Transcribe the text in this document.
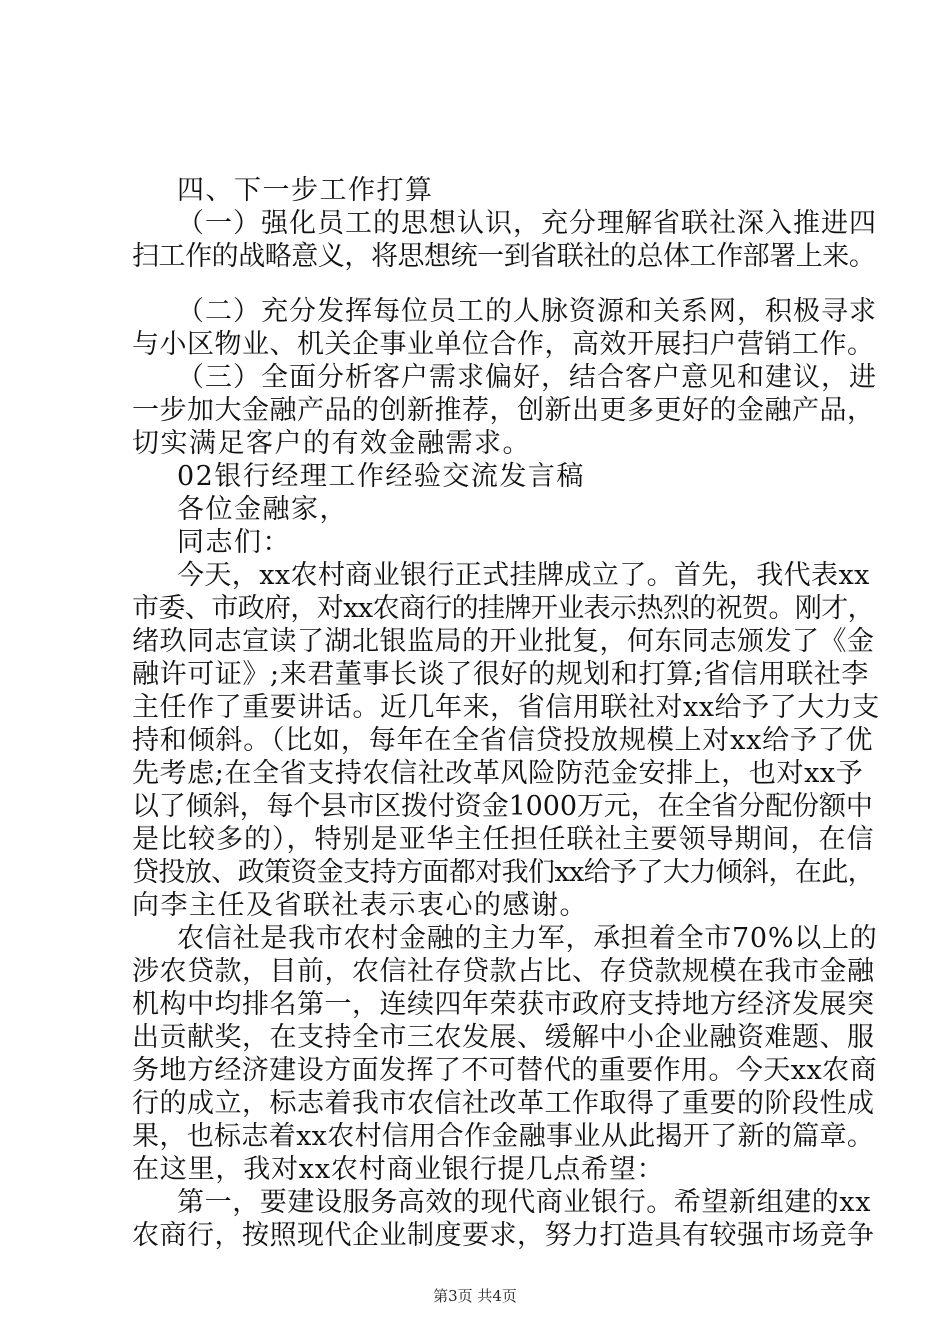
四、下一步工作打算

（一）强化员工的思想认识，充分理解省联社深入推进四

扫工作的战略意义，将思想统一到省联社的总体工作部署上来。

（二）充分发挥每位员工的人脉资源和关系网，积极寻求

与小区物业、机关企事业单位合作，高效开展扫户营销工作。

（三）全面分析客户需求偏好，结合客户意见和建议，进

一步加大金融产品的创新推荐，创新出更多更好的金融产品，

切实满足客户的有效金融需求。

02银行经理工作经验交流发言稿

各位金融家，

同志们：

今天，xx农村商业银行正式挂牌成立了。首先，我代表xx

市委、市政府，对xx农商行的挂牌开业表示热烈的祝贺。刚才，

绪玖同志宣读了湖北银监局的开业批复，何东同志颁发了《金

融许可证》;来君董事长谈了很好的规划和打算;省信用联社李

主任作了重要讲话。近几年来，省信用联社对xx给予了大力支

持和倾斜。（比如，每年在全省信贷投放规模上对xx给予了优

先考虑;在全省支持农信社改革风险防范金安排上，也对xx予

以了倾斜，每个县市区拨付资金1000万元，在全省分配份额中

是比较多的），特别是亚华主任担任联社主要领导期间，在信

贷投放、政策资金支持方面都对我们xx给予了大力倾斜，在此，

向李主任及省联社表示衷心的感谢。

农信社是我市农村金融的主力军，承担着全市70%以上的

涉农贷款，目前，农信社存贷款占比、存贷款规模在我市金融

机构中均排名第一，连续四年荣获市政府支持地方经济发展突

出贡献奖，在支持全市三农发展、缓解中小企业融资难题、服

务地方经济建设方面发挥了不可替代的重要作用。今天xx农商

行的成立，标志着我市农信社改革工作取得了重要的阶段性成

果，也标志着xx农村信用合作金融事业从此揭开了新的篇章。

在这里，我对xx农村商业银行提几点希望：

第一，要建设服务高效的现代商业银行。希望新组建的xx

农商行，按照现代企业制度要求，努力打造具有较强市场竞争

第3页 共4页
